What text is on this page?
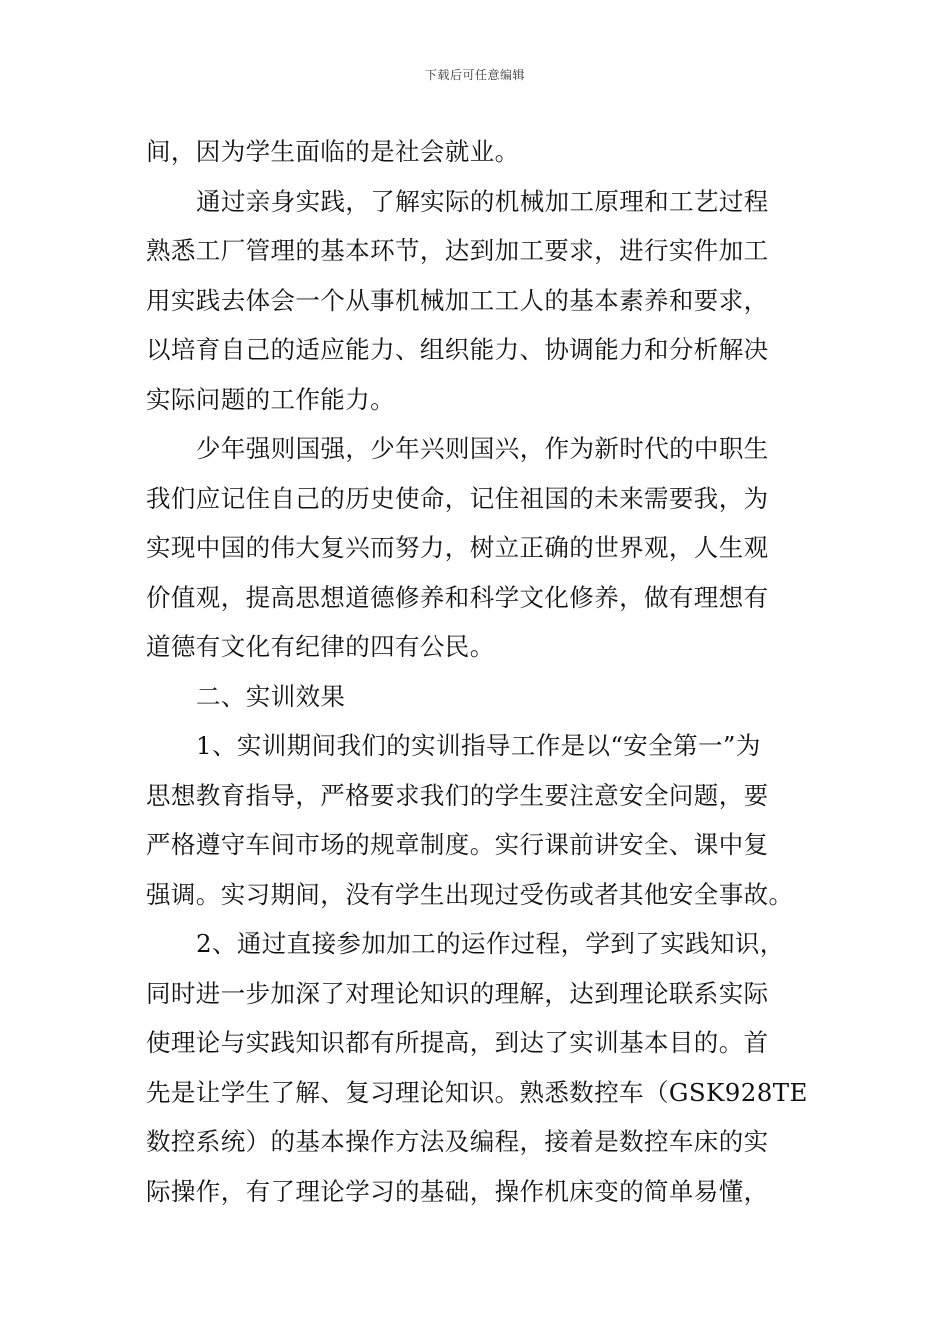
下载后可任意编辑
间，因为学生面临的是社会就业。
通过亲身实践，了解实际的机械加工原理和工艺过程
熟悉工厂管理的基本环节，达到加工要求，进行实件加工
用实践去体会一个从事机械加工工人的基本素养和要求，
以培育自己的适应能力、组织能力、协调能力和分析解决
实际问题的工作能力。
少年强则国强，少年兴则国兴，作为新时代的中职生
我们应记住自己的历史使命，记住祖国的未来需要我，为
实现中国的伟大复兴而努力，树立正确的世界观，人生观
价值观，提高思想道德修养和科学文化修养，做有理想有
道德有文化有纪律的四有公民。
二、实训效果
1、实训期间我们的实训指导工作是以“安全第一”为
思想教育指导，严格要求我们的学生要注意安全问题，要
严格遵守车间市场的规章制度。实行课前讲安全、课中复
强调。实习期间，没有学生出现过受伤或者其他安全事故。
2、通过直接参加加工的运作过程，学到了实践知识，
同时进一步加深了对理论知识的理解，达到理论联系实际
使理论与实践知识都有所提高，到达了实训基本目的。首
先是让学生了解、复习理论知识。熟悉数控车（GSK928TE
数控系统）的基本操作方法及编程，接着是数控车床的实
际操作，有了理论学习的基础，操作机床变的简单易懂，
